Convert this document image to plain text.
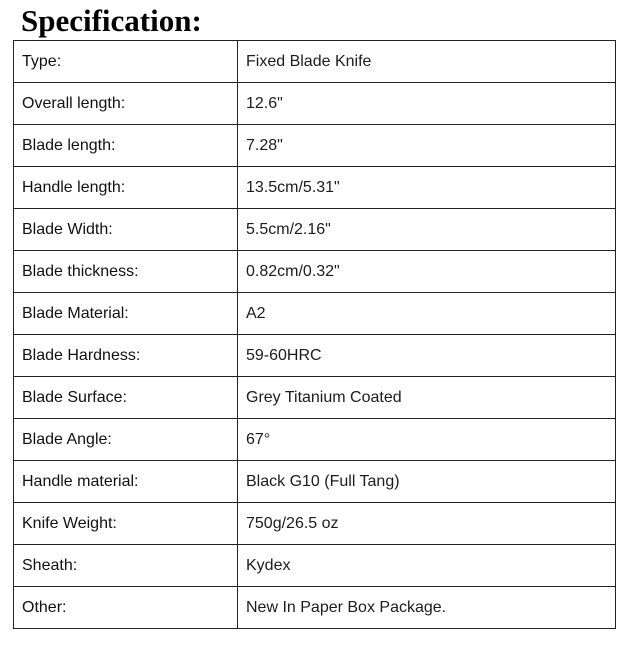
Specification:
Type:	Fixed Blade Knife
Overall length:	12.6"
Blade length:	7.28"
Handle length:	13.5cm/5.31"
Blade Width:	5.5cm/2.16"
Blade thickness:	0.82cm/0.32"
Blade Material:	A2
Blade Hardness:	59-60HRC
Blade Surface:	Grey Titanium Coated
Blade Angle:	67°
Handle material:	Black G10 (Full Tang)
Knife Weight:	750g/26.5 oz
Sheath:	Kydex
Other:	New In Paper Box Package.
